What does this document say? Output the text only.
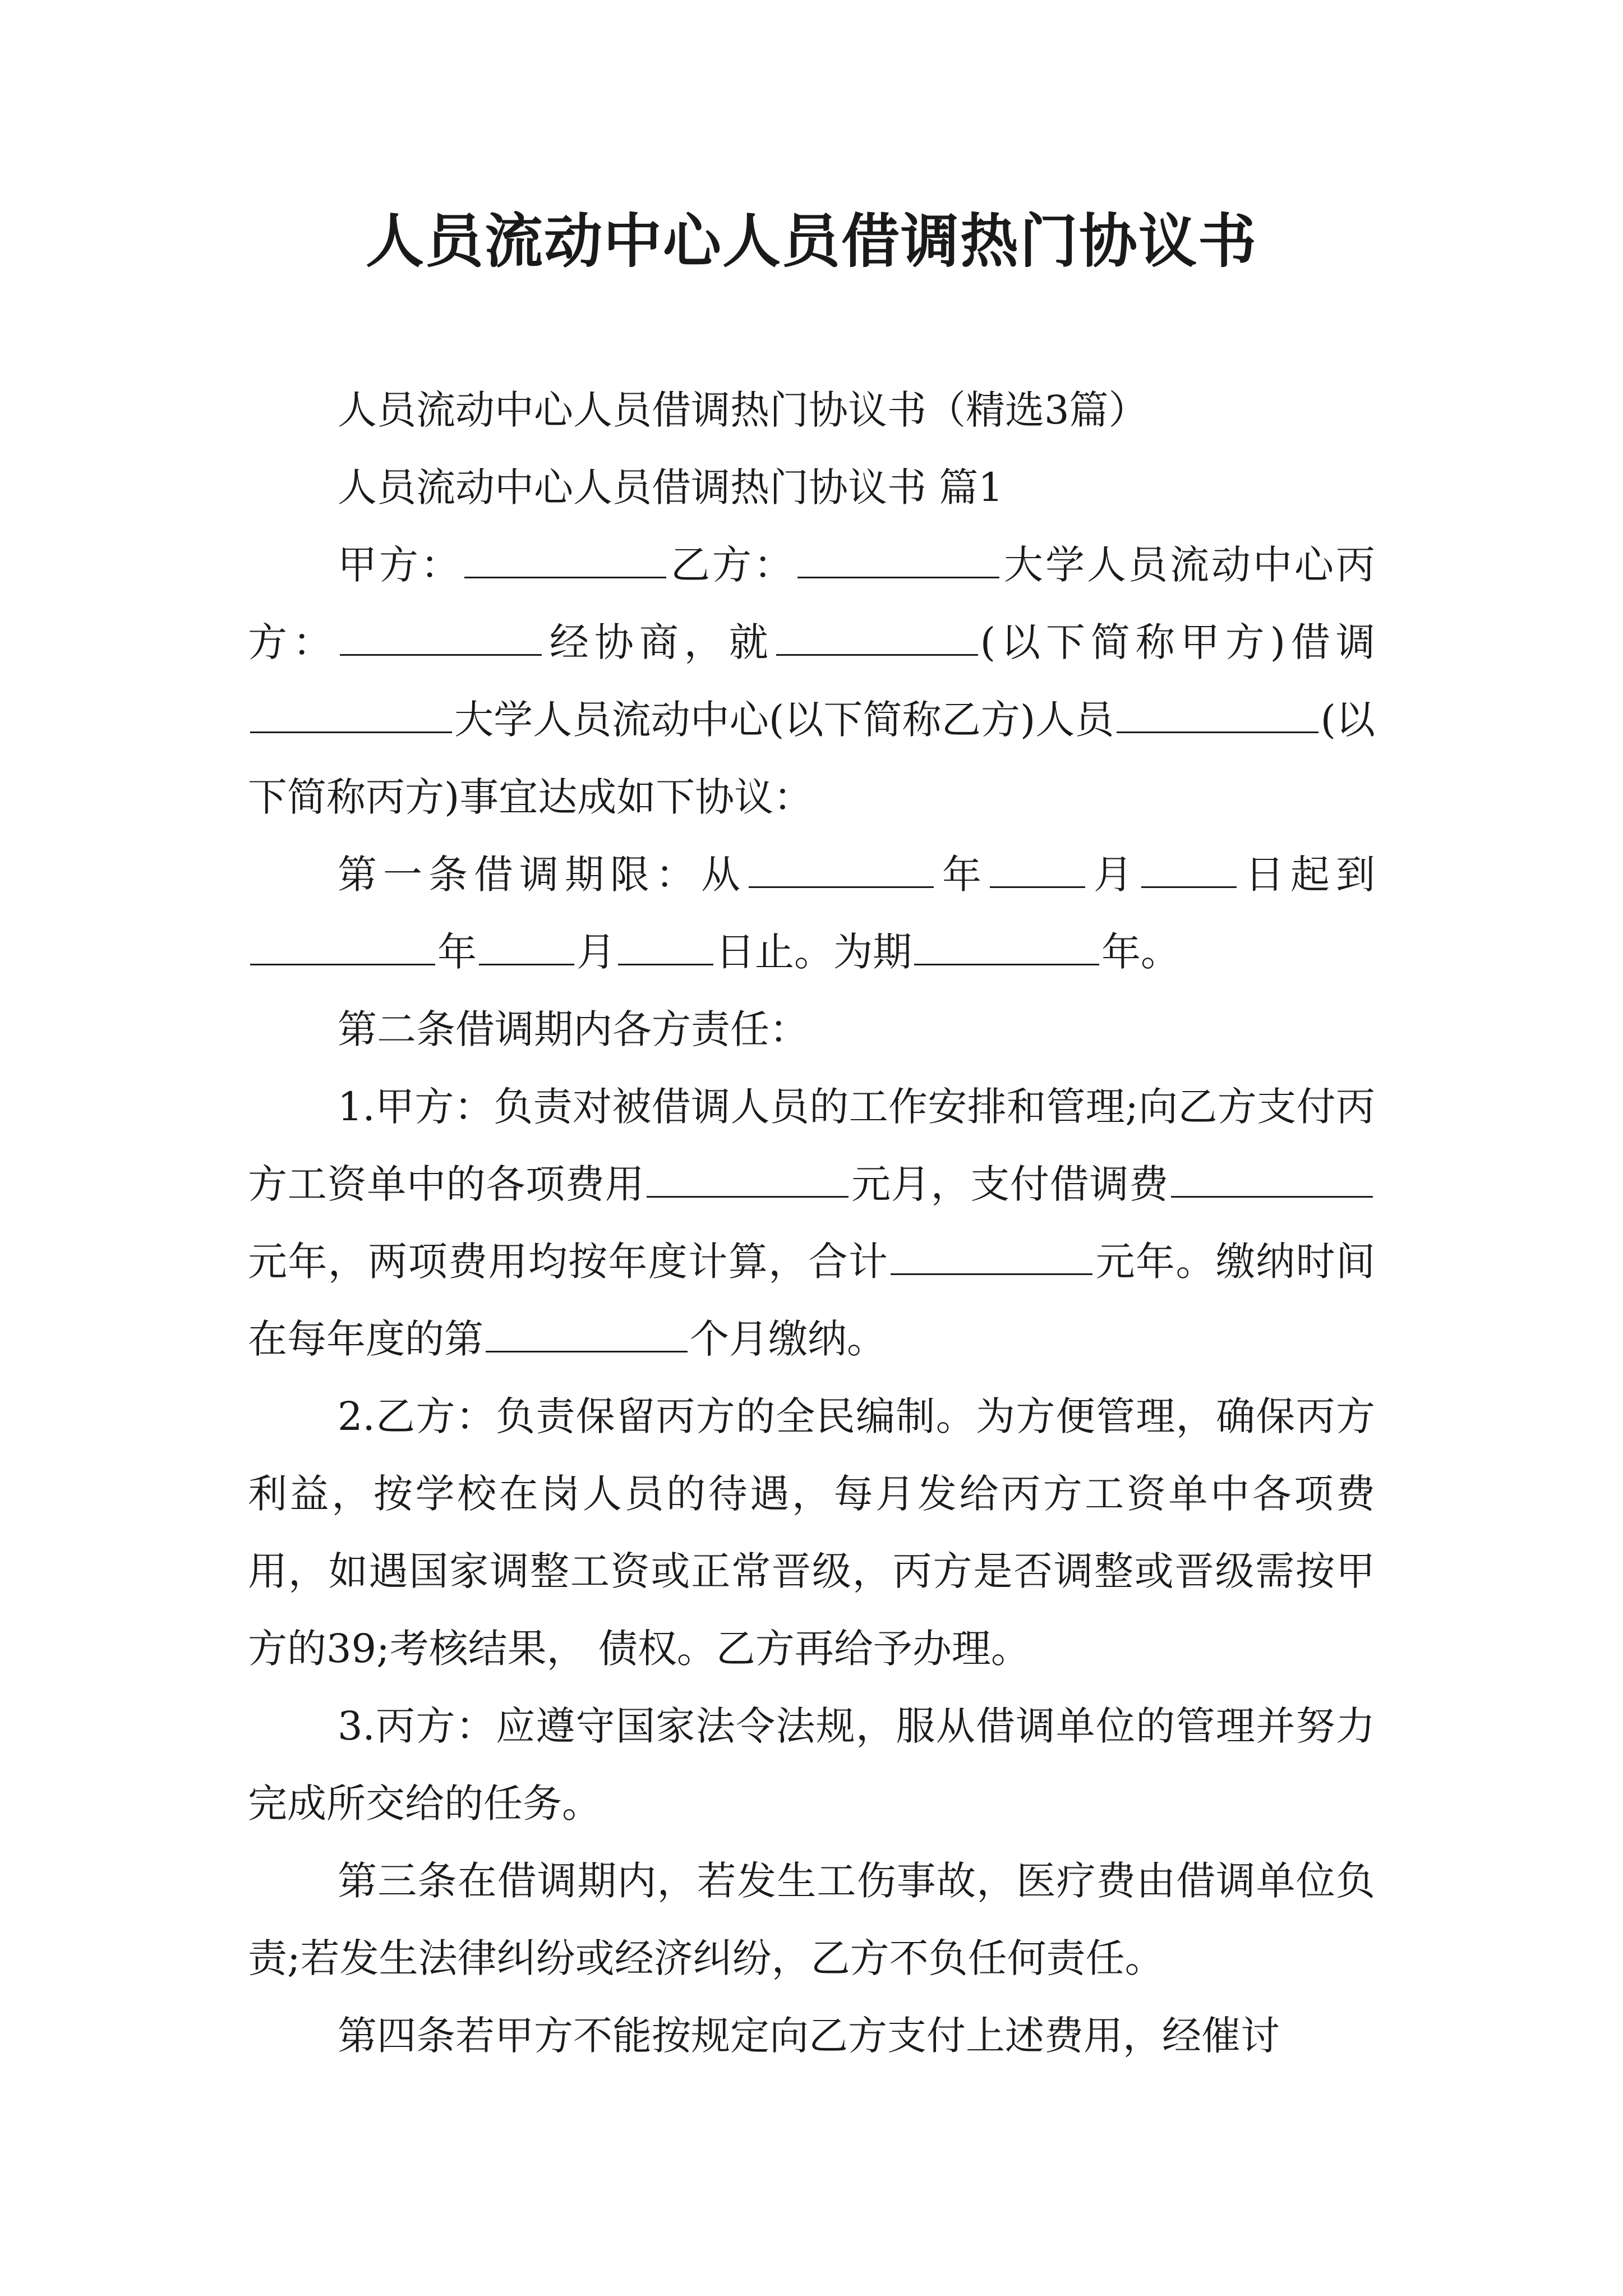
人员流动中心人员借调热门协议书

人员流动中心人员借调热门协议书（精选3篇）

人员流动中心人员借调热门协议书 篇1

甲方：	乙方：	大学人员流动中心丙方：	经协商，就	(以下简称甲方)借调大学人员流动中心(以下简称乙方)人员	(以下简称丙方)事宜达成如下协议：

第一条借调期限：从	年	月	日起到年	月	日止。为期	年。

第二条借调期内各方责任：

1.甲方：负责对被借调人员的工作安排和管理;向乙方支付丙方工资单中的各项费用	元月，支付借调费元年，两项费用均按年度计算，合计	元年。缴纳时间在每年度的第	个月缴纳。

2.乙方：负责保留丙方的全民编制。为方便管理，确保丙方利益，按学校在岗人员的待遇，每月发给丙方工资单中各项费用，如遇国家调整工资或正常晋级，丙方是否调整或晋级需按甲方的39;考核结果， 债权。乙方再给予办理。

3.丙方：应遵守国家法令法规，服从借调单位的管理并努力完成所交给的任务。

第三条在借调期内，若发生工伤事故，医疗费由借调单位负责;若发生法律纠纷或经济纠纷，乙方不负任何责任。

第四条若甲方不能按规定向乙方支付上述费用，经催讨
